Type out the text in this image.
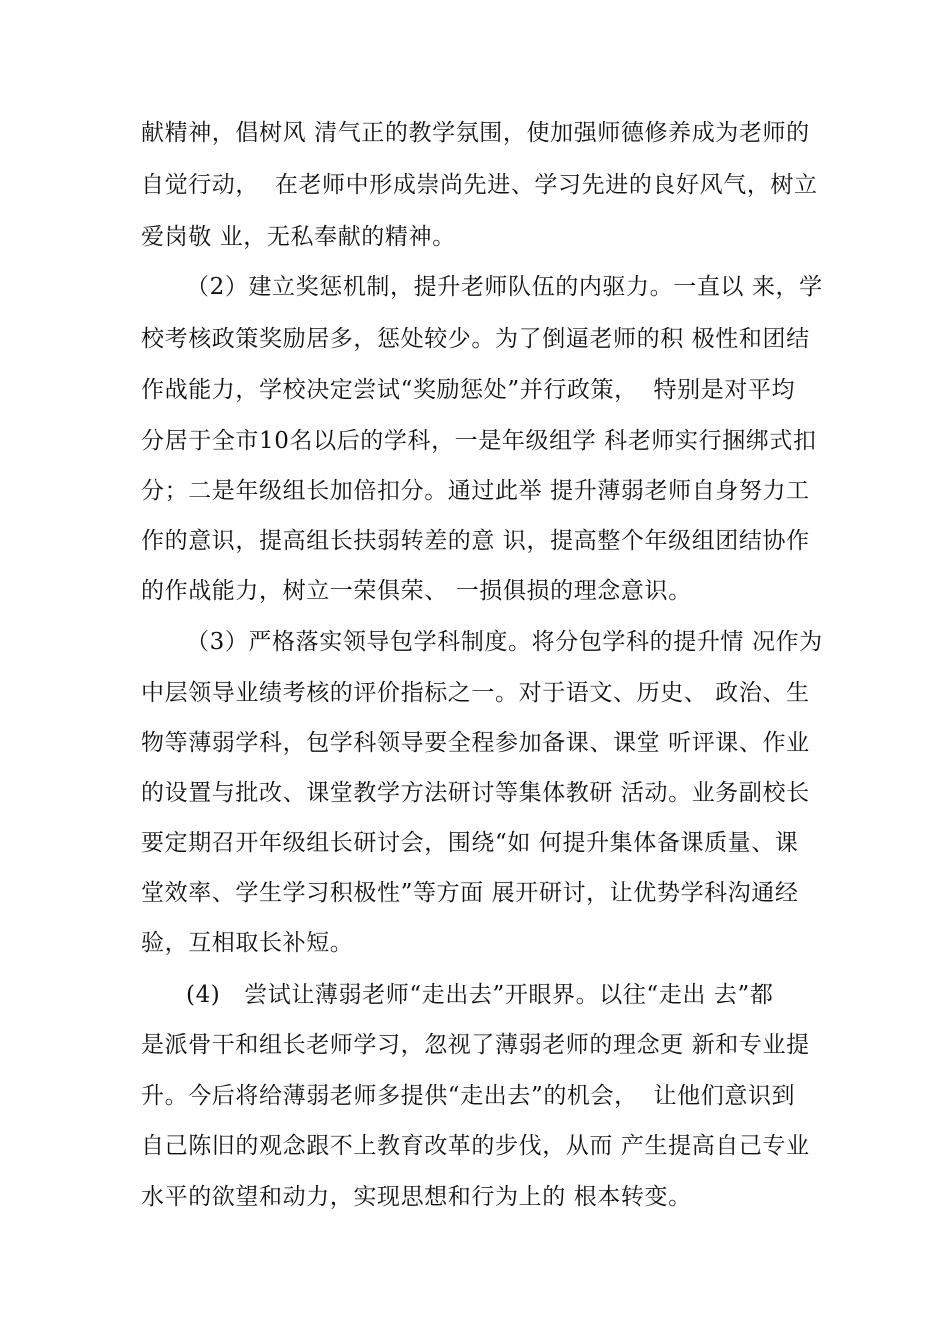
献精神，倡树风 清气正的教学氛围，使加强师德修养成为老师的
自觉行动，  在老师中形成崇尚先进、学习先进的良好风气，树立
爱岗敬 业，无私奉献的精神。
（2）建立奖惩机制，提升老师队伍的内驱力。一直以 来，学
校考核政策奖励居多，惩处较少。为了倒逼老师的积 极性和团结
作战能力，学校决定尝试“奖励惩处”并行政策，  特别是对平均
分居于全市10名以后的学科，一是年级组学 科老师实行捆绑式扣
分；二是年级组长加倍扣分。通过此举 提升薄弱老师自身努力工
作的意识，提高组长扶弱转差的意 识，提高整个年级组团结协作
的作战能力，树立一荣俱荣、 一损俱损的理念意识。
（3）严格落实领导包学科制度。将分包学科的提升情 况作为
中层领导业绩考核的评价指标之一。对于语文、历史、 政治、生
物等薄弱学科，包学科领导要全程参加备课、课堂 听评课、作业
的设置与批改、课堂教学方法研讨等集体教研 活动。业务副校长
要定期召开年级组长研讨会，围绕“如 何提升集体备课质量、课
堂效率、学生学习积极性”等方面 展开研讨，让优势学科沟通经
验，互相取长补短。
(4)   尝试让薄弱老师“走出去”开眼界。以往“走出 去”都
是派骨干和组长老师学习，忽视了薄弱老师的理念更 新和专业提
升。今后将给薄弱老师多提供“走出去”的机会，  让他们意识到
自己陈旧的观念跟不上教育改革的步伐，从而 产生提高自己专业
水平的欲望和动力，实现思想和行为上的 根本转变。
